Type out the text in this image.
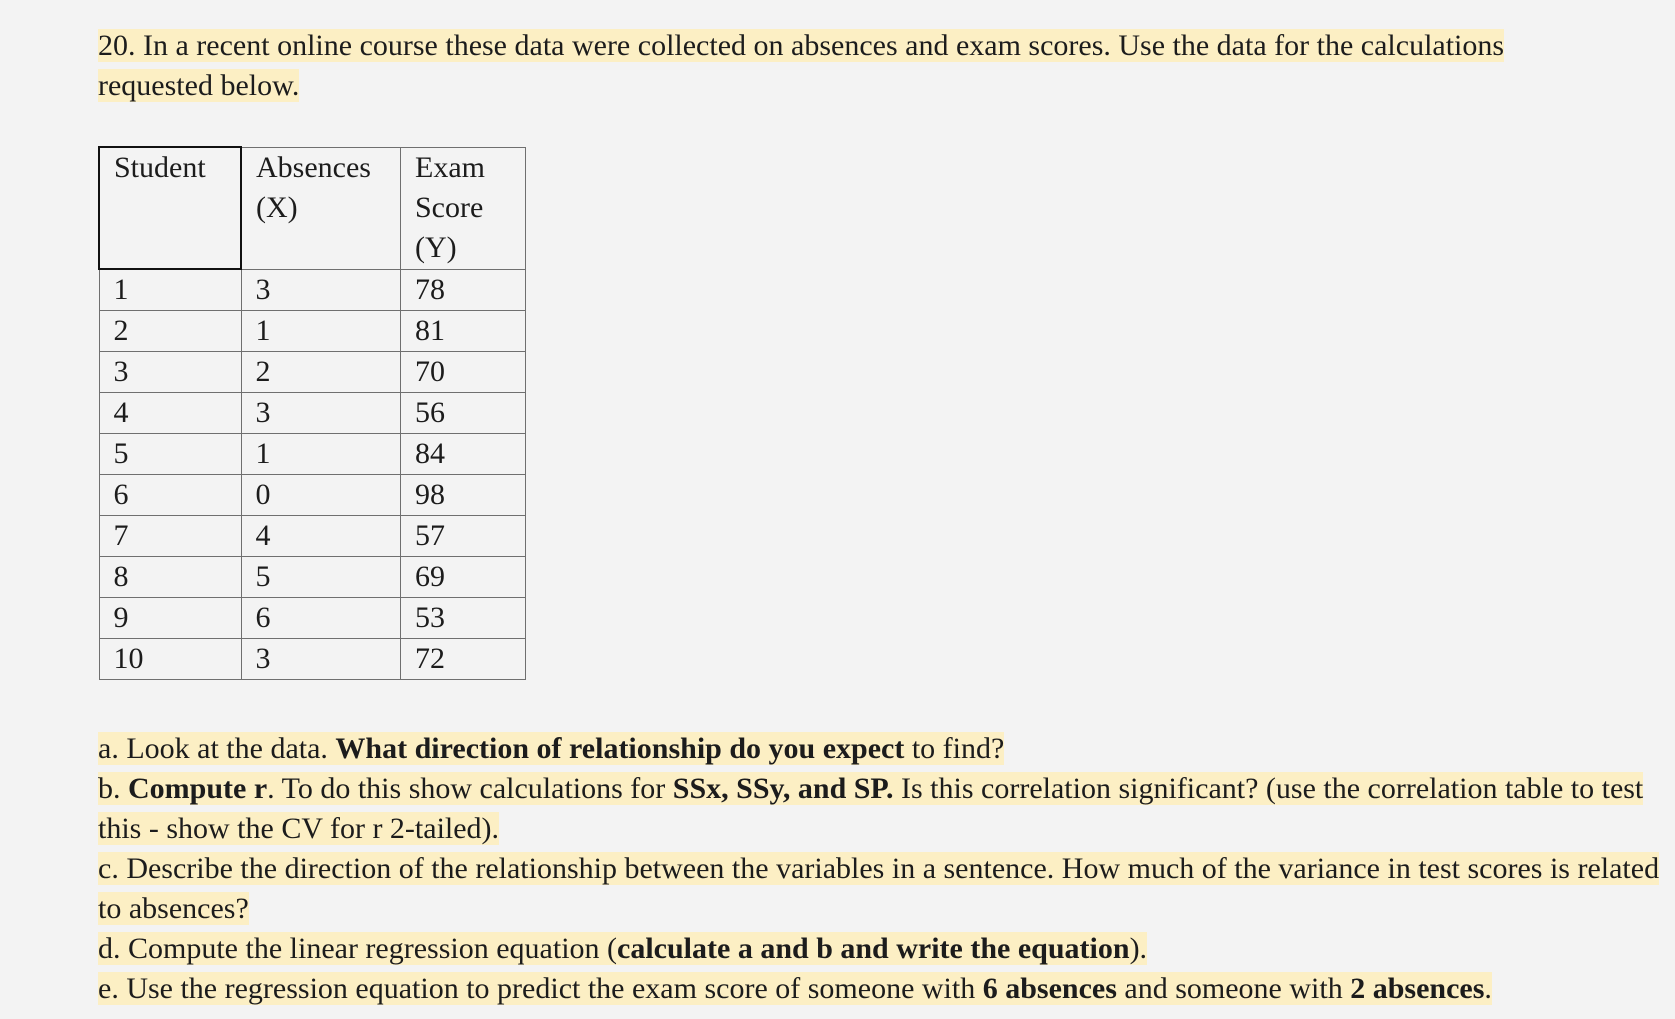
20. In a recent online course these data were collected on absences and exam scores. Use the data for the calculations requested below.

Student	Absences (X)	Exam Score (Y)
1	3	78
2	1	81
3	2	70
4	3	56
5	1	84
6	0	98
7	4	57
8	5	69
9	6	53
10	3	72

a. Look at the data. What direction of relationship do you expect to find?

b. Compute r. To do this show calculations for SSx, SSy, and SP. Is this correlation significant? (use the correlation table to test this - show the CV for r 2-tailed).

c. Describe the direction of the relationship between the variables in a sentence. How much of the variance in test scores is related to absences?

d. Compute the linear regression equation (calculate a and b and write the equation).

e. Use the regression equation to predict the exam score of someone with 6 absences and someone with 2 absences.
